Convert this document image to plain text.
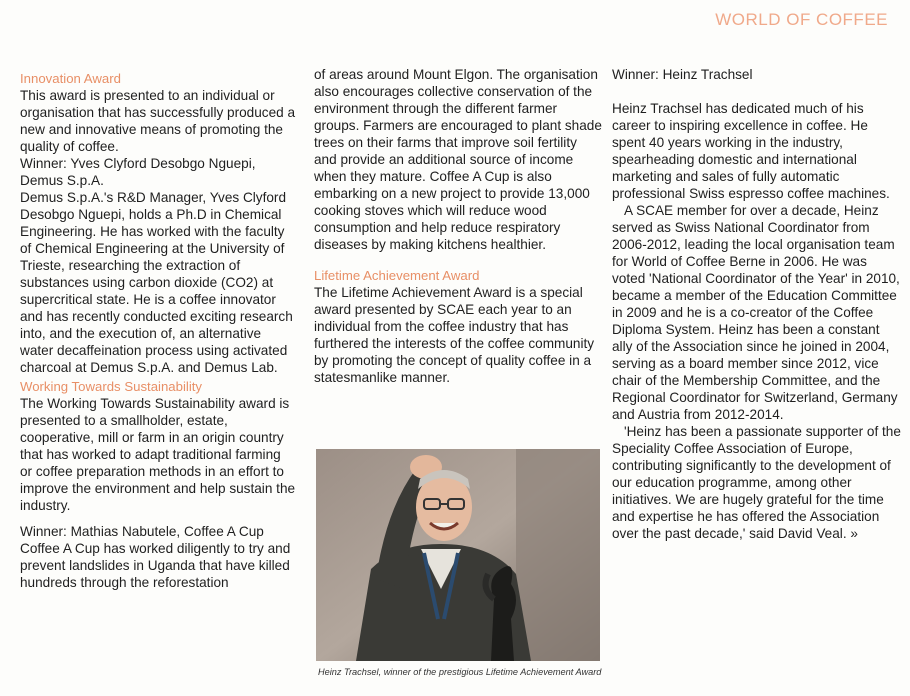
WORLD OF COFFEE

Innovation Award

This award is presented to an individual or organisation that has successfully produced a new and innovative means of promoting the quality of coffee.

Winner: Yves Clyford Desobgo Nguepi, Demus S.p.A.

Demus S.p.A.'s R&D Manager, Yves Clyford Desobgo Nguepi, holds a Ph.D in Chemical Engineering. He has worked with the faculty of Chemical Engineering at the University of Trieste, researching the extraction of substances using carbon dioxide (CO2) at supercritical state. He is a coffee innovator and has recently conducted exciting research into, and the execution of, an alternative water decaffeination process using activated charcoal at Demus S.p.A. and Demus Lab.

Working Towards Sustainability

The Working Towards Sustainability award is presented to a smallholder, estate, cooperative, mill or farm in an origin country that has worked to adapt traditional farming or coffee preparation methods in an effort to improve the environment and help sustain the industry.

Winner: Mathias Nabutele, Coffee A Cup

Coffee A Cup has worked diligently to try and prevent landslides in Uganda that have killed hundreds through the reforestation

of areas around Mount Elgon. The organisation also encourages collective conservation of the environment through the different farmer groups. Farmers are encouraged to plant shade trees on their farms that improve soil fertility and provide an additional source of income when they mature. Coffee A Cup is also embarking on a new project to provide 13,000 cooking stoves which will reduce wood consumption and help reduce respiratory diseases by making kitchens healthier.

Lifetime Achievement Award

The Lifetime Achievement Award is a special award presented by SCAE each year to an individual from the coffee industry that has furthered the interests of the coffee community by promoting the concept of quality coffee in a statesmanlike manner.

Heinz Trachsel, winner of the prestigious Lifetime Achievement Award

Winner: Heinz Trachsel

Heinz Trachsel has dedicated much of his career to inspiring excellence in coffee. He spent 40 years working in the industry, spearheading domestic and international marketing and sales of fully automatic professional Swiss espresso coffee machines.

A SCAE member for over a decade, Heinz served as Swiss National Coordinator from 2006-2012, leading the local organisation team for World of Coffee Berne in 2006. He was voted 'National Coordinator of the Year' in 2010, became a member of the Education Committee in 2009 and he is a co-creator of the Coffee Diploma System. Heinz has been a constant ally of the Association since he joined in 2004, serving as a board member since 2012, vice chair of the Membership Committee, and the Regional Coordinator for Switzerland, Germany and Austria from 2012-2014.

'Heinz has been a passionate supporter of the Speciality Coffee Association of Europe, contributing significantly to the development of our education programme, among other initiatives. We are hugely grateful for the time and expertise he has offered the Association over the past decade,' said David Veal. »
